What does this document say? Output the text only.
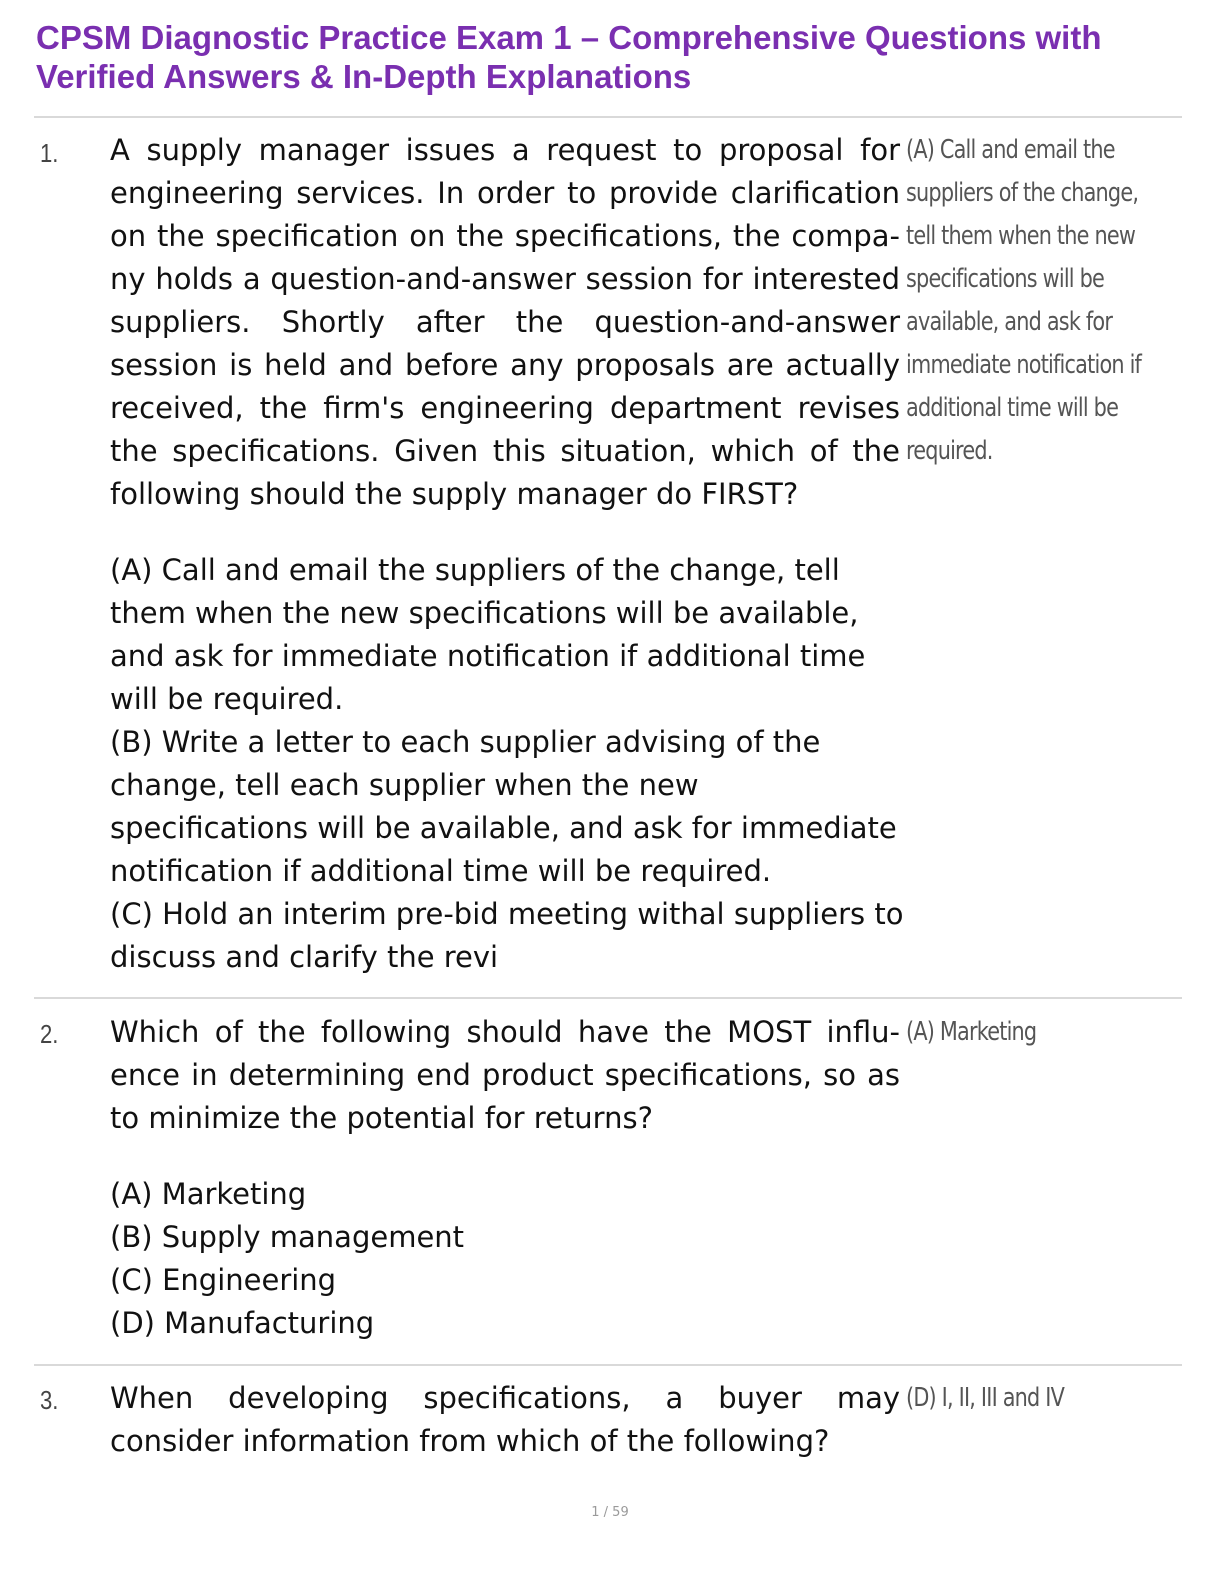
CPSM Diagnostic Practice Exam 1 – Comprehensive Questions with Verified Answers & In-Depth Explanations
1.	A supply manager issues a request to proposal for engineering services. In order to provide clarification on the specification on the specifications, the company holds a question-and-answer session for interested suppliers. Shortly after the question-and-answer session is held and before any proposals are actually received, the firm's engineering department revises the specifications. Given this situation, which of the following should the supply manager do FIRST?

(A) Call and email the suppliers of the change, tell them when the new specifications will be available, and ask for immediate notification if additional time will be required.
(B) Write a letter to each supplier advising of the change, tell each supplier when the new specifications will be available, and ask for immediate notification if additional time will be required.
(C) Hold an interim pre-bid meeting withal suppliers to discuss and clarify the revi

(A) Call and email the suppliers of the change, tell them when the new specifications will be available, and ask for immediate notification if additional time will be required.

2.	Which of the following should have the MOST influence in determining end product specifications, so as to minimize the potential for returns?

(A) Marketing
(B) Supply management
(C) Engineering
(D) Manufacturing

(A) Marketing

3.	When developing specifications, a buyer may consider information from which of the following?

(D) I, II, III and IV

1 / 59
